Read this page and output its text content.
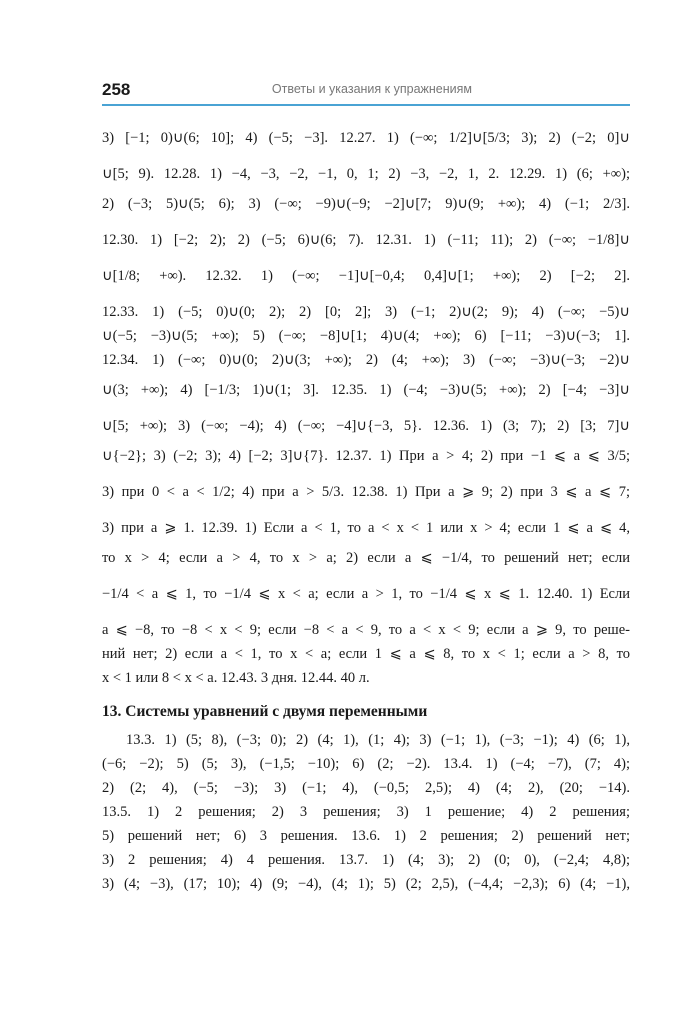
258	Ответы и указания к упражнениям
3) [−1; 0)∪(6; 10]; 4) (−5; −3]. 12.27. 1) (−∞; 1/2]∪[5/3; 3); 2) (−2; 0]∪
∪[5; 9). 12.28. 1) −4, −3, −2, −1, 0, 1; 2) −3, −2, 1, 2. 12.29. 1) (6; +∞);
2) (−3; 5)∪(5; 6); 3) (−∞; −9)∪(−9; −2]∪[7; 9)∪(9; +∞); 4) (−1; 2/3].
12.30. 1) [−2; 2); 2) (−5; 6)∪(6; 7). 12.31. 1) (−11; 11); 2) (−∞; −1/8]∪
∪[1/8; +∞). 12.32. 1) (−∞; −1]∪[−0,4; 0,4]∪[1; +∞); 2) [−2; 2].
12.33. 1) (−5; 0)∪(0; 2); 2) [0; 2]; 3) (−1; 2)∪(2; 9); 4) (−∞; −5)∪
∪(−5; −3)∪(5; +∞); 5) (−∞; −8]∪[1; 4)∪(4; +∞); 6) [−11; −3)∪(−3; 1].
12.34. 1) (−∞; 0)∪(0; 2)∪(3; +∞); 2) (4; +∞); 3) (−∞; −3)∪(−3; −2)∪
∪(3; +∞); 4) [−1/3; 1)∪(1; 3]. 12.35. 1) (−4; −3)∪(5; +∞); 2) [−4; −3]∪
∪[5; +∞); 3) (−∞; −4); 4) (−∞; −4]∪{−3, 5}. 12.36. 1) (3; 7); 2) [3; 7]∪
∪{−2}; 3) (−2; 3); 4) [−2; 3]∪{7}. 12.37. 1) При a > 4; 2) при −1 ⩽ a ⩽ 3/5;
3) при 0 < a < 1/2; 4) при a > 5/3. 12.38. 1) При a ⩾ 9; 2) при 3 ⩽ a ⩽ 7;
3) при a ⩾ 1. 12.39. 1) Если a < 1, то a < x < 1 или x > 4; если 1 ⩽ a ⩽ 4,
то x > 4; если a > 4, то x > a; 2) если a ⩽ −1/4, то решений нет; если
−1/4 < a ⩽ 1, то −1/4 ⩽ x < a; если a > 1, то −1/4 ⩽ x ⩽ 1. 12.40. 1) Если
a ⩽ −8, то −8 < x < 9; если −8 < a < 9, то a < x < 9; если a ⩾ 9, то реше-
ний нет; 2) если a < 1, то x < a; если 1 ⩽ a ⩽ 8, то x < 1; если a > 8, то
x < 1 или 8 < x < a. 12.43. 3 дня. 12.44. 40 л.
13. Системы уравнений с двумя переменными
13.3. 1) (5; 8), (−3; 0); 2) (4; 1), (1; 4); 3) (−1; 1), (−3; −1); 4) (6; 1),
(−6; −2); 5) (5; 3), (−1,5; −10); 6) (2; −2). 13.4. 1) (−4; −7), (7; 4);
2) (2; 4), (−5; −3); 3) (−1; 4), (−0,5; 2,5); 4) (4; 2), (20; −14).
13.5. 1) 2 решения; 2) 3 решения; 3) 1 решение; 4) 2 решения;
5) решений нет; 6) 3 решения. 13.6. 1) 2 решения; 2) решений нет;
3) 2 решения; 4) 4 решения. 13.7. 1) (4; 3); 2) (0; 0), (−2,4; 4,8);
3) (4; −3), (17; 10); 4) (9; −4), (4; 1); 5) (2; 2,5), (−4,4; −2,3); 6) (4; −1),
